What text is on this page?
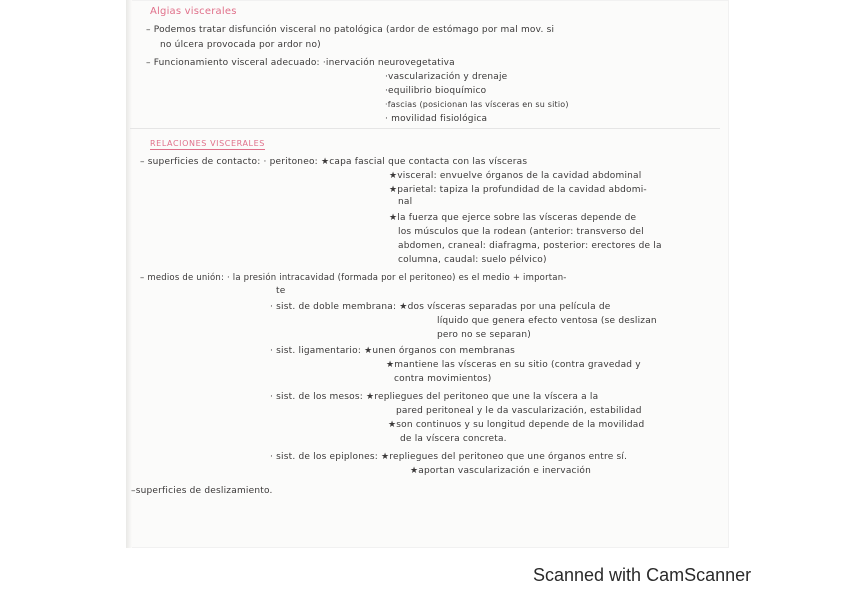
Algias viscerales
– Podemos tratar disfunción visceral no patológica (ardor de estómago por mal mov. si
no úlcera provocada por ardor no)
– Funcionamiento visceral adecuado: ·inervación neurovegetativa
·vascularización y drenaje
·equilibrio bioquímico
·fascias (posicionan las vísceras en su sitio)
· movilidad fisiológica
RELACIONES VISCERALES
– superficies de contacto: · peritoneo: ★capa fascial que contacta con las vísceras
★visceral: envuelve órganos de la cavidad abdominal
★parietal: tapiza la profundidad de la cavidad abdomi-
nal
★la fuerza que ejerce sobre las vísceras depende de
los músculos que la rodean (anterior: transverso del
abdomen, craneal: diafragma, posterior: erectores de la
columna, caudal: suelo pélvico)
– medios de unión: · la presión intracavidad (formada por el peritoneo) es el medio + importan-
te
· sist. de doble membrana: ★dos vísceras separadas por una película de
líquido que genera efecto ventosa (se deslizan
pero no se separan)
· sist. ligamentario: ★unen órganos con membranas
★mantiene las vísceras en su sitio (contra gravedad y
contra movimientos)
· sist. de los mesos: ★repliegues del peritoneo que une la víscera a la
pared peritoneal y le da vascularización, estabilidad
★son continuos y su longitud depende de la movilidad
de la víscera concreta.
· sist. de los epiplones: ★repliegues del peritoneo que une órganos entre sí.
★aportan vascularización e inervación
–superficies de deslizamiento.
Scanned with CamScanner
